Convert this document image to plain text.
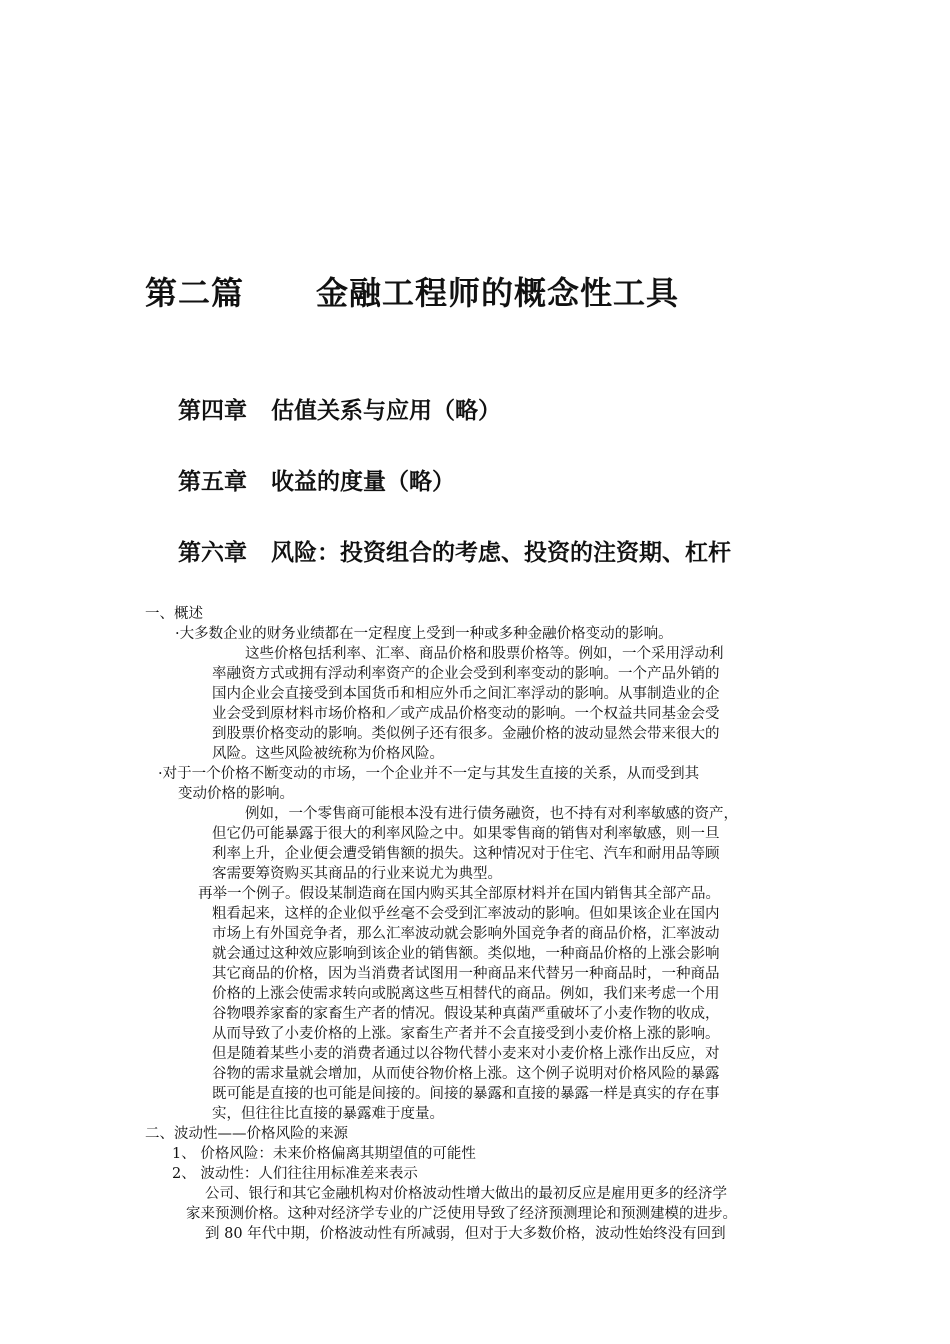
第二篇 金融工程师的概念性工具
第四章 估值关系与应用（略）
第五章 收益的度量（略）
第六章 风险：投资组合的考虑、投资的注资期、杠杆
一、概述
·大多数企业的财务业绩都在一定程度上受到一种或多种金融价格变动的影响。
这些价格包括利率、汇率、商品价格和股票价格等。例如，一个采用浮动利
率融资方式或拥有浮动利率资产的企业会受到利率变动的影响。一个产品外销的
国内企业会直接受到本国货币和相应外币之间汇率浮动的影响。从事制造业的企
业会受到原材料市场价格和／或产成品价格变动的影响。一个权益共同基金会受
到股票价格变动的影响。类似例子还有很多。金融价格的波动显然会带来很大的
风险。这些风险被统称为价格风险。
·对于一个价格不断变动的市场，一个企业并不一定与其发生直接的关系，从而受到其
变动价格的影响。
例如，一个零售商可能根本没有进行债务融资，也不持有对利率敏感的资产，
但它仍可能暴露于很大的利率风险之中。如果零售商的销售对利率敏感，则一旦
利率上升，企业便会遭受销售额的损失。这种情况对于住宅、汽车和耐用品等顾
客需要筹资购买其商品的行业来说尤为典型。
再举一个例子。假设某制造商在国内购买其全部原材料并在国内销售其全部产品。
粗看起来，这样的企业似乎丝毫不会受到汇率波动的影响。但如果该企业在国内
市场上有外国竞争者，那么汇率波动就会影响外国竞争者的商品价格，汇率波动
就会通过这种效应影响到该企业的销售额。类似地，一种商品价格的上涨会影响
其它商品的价格，因为当消费者试图用一种商品来代替另一种商品时，一种商品
价格的上涨会使需求转向或脱离这些互相替代的商品。例如，我们来考虑一个用
谷物喂养家畜的家畜生产者的情况。假设某种真菌严重破坏了小麦作物的收成，
从而导致了小麦价格的上涨。家畜生产者并不会直接受到小麦价格上涨的影响。
但是随着某些小麦的消费者通过以谷物代替小麦来对小麦价格上涨作出反应，对
谷物的需求量就会增加，从而使谷物价格上涨。这个例子说明对价格风险的暴露
既可能是直接的也可能是间接的。间接的暴露和直接的暴露一样是真实的存在事
实，但往往比直接的暴露难于度量。
二、波动性——价格风险的来源
1、 价格风险：未来价格偏离其期望值的可能性
2、 波动性：人们往往用标准差来表示
公司、银行和其它金融机构对价格波动性增大做出的最初反应是雇用更多的经济学
家来预测价格。这种对经济学专业的广泛使用导致了经济预测理论和预测建模的进步。
到 80 年代中期，价格波动性有所减弱，但对于大多数价格，波动性始终没有回到
